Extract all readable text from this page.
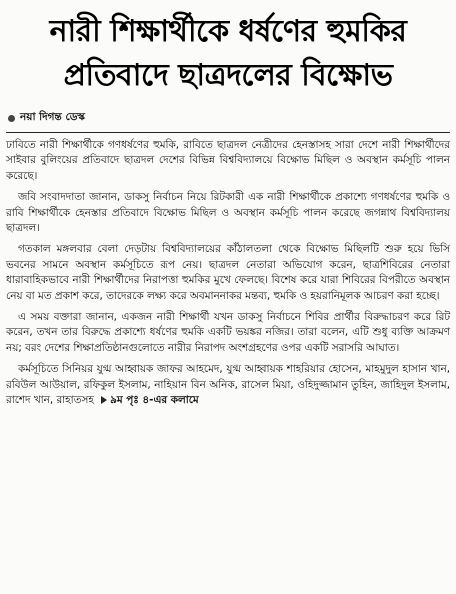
নারী শিক্ষার্থীকে ধর্ষণের হুমকির
প্রতিবাদে ছাত্রদলের বিক্ষোভ
নয়া দিগন্ত ডেস্ক

ঢাবিতে নারী শিক্ষার্থীকে গণধর্ষণের হুমকি, রাবিতে ছাত্রদল নেত্রীদের হেনস্তাসহ সারা দেশে নারী শিক্ষার্থীদের সাইবার বুলিংয়ের প্রতিবাদে ছাত্রদল দেশের বিভিন্ন বিশ্ববিদ্যালয়ে বিক্ষোভ মিছিল ও অবস্থান কর্মসূচি পালন করেছে।

জবি সংবাদদাতা জানান, ডাকসু নির্বাচন নিয়ে রিটকারী এক নারী শিক্ষার্থীকে প্রকাশ্যে গণধর্ষণের হুমকি ও রাবি শিক্ষার্থীকে হেনস্তার প্রতিবাদে বিক্ষোভ মিছিল ও অবস্থান কর্মসূচি পালন করেছে জগন্নাথ বিশ্ববিদ্যালয় ছাত্রদল।

গতকাল মঙ্গলবার বেলা দেড়টায় বিশ্ববিদ্যালয়ের কাঁঠালতলা থেকে বিক্ষোভ মিছিলটি শুরু হয়ে ভিসি ভবনের সামনে অবস্থান কর্মসূচিতে রূপ নেয়। ছাত্রদল নেতারা অভিযোগ করেন, ছাত্রশিবিরের নেতারা ধারাবাহিকভাবে নারী শিক্ষার্থীদের নিরাপত্তা হুমকির মুখে ফেলছে। বিশেষ করে যারা শিবিরের বিপরীতে অবস্থান নেয় বা মত প্রকাশ করে, তাদেরকে লক্ষ্য করে অবমাননাকর মন্তব্য, হুমকি ও হয়রানিমূলক আচরণ করা হচ্ছে।

এ সময় বক্তারা জানান, একজন নারী শিক্ষার্থী যখন ডাকসু নির্বাচনে শিবির প্রার্থীর বিরুদ্ধাচরণ করে রিট করেন, তখন তার বিরুদ্ধে প্রকাশ্যে ধর্ষণের হুমকি একটি ভয়ঙ্কর নজির। তারা বলেন, এটি শুধু ব্যক্তি আক্রমণ নয়; বরং দেশের শিক্ষাপ্রতিষ্ঠানগুলোতে নারীর নিরাপদ অংশগ্রহণের ওপর একটি সরাসরি আঘাত।

কর্মসূচিতে সিনিয়র যুগ্ম আহ্বায়ক জাফর আহমেদ, যুগ্ম আহ্বায়ক শাহরিয়ার হোসেন, মাহমুদুল হাসান খান, রবিউল আউয়াল, রফিকুল ইসলাম, নাহিয়ান বিন অনিক, রাসেল মিয়া, ওহিদুজ্জামান তুহিন, জাহিদুল ইসলাম, রাশেদ খান, রাহাতসহ ৯ম পৃঃ ৪-এর কলামে
